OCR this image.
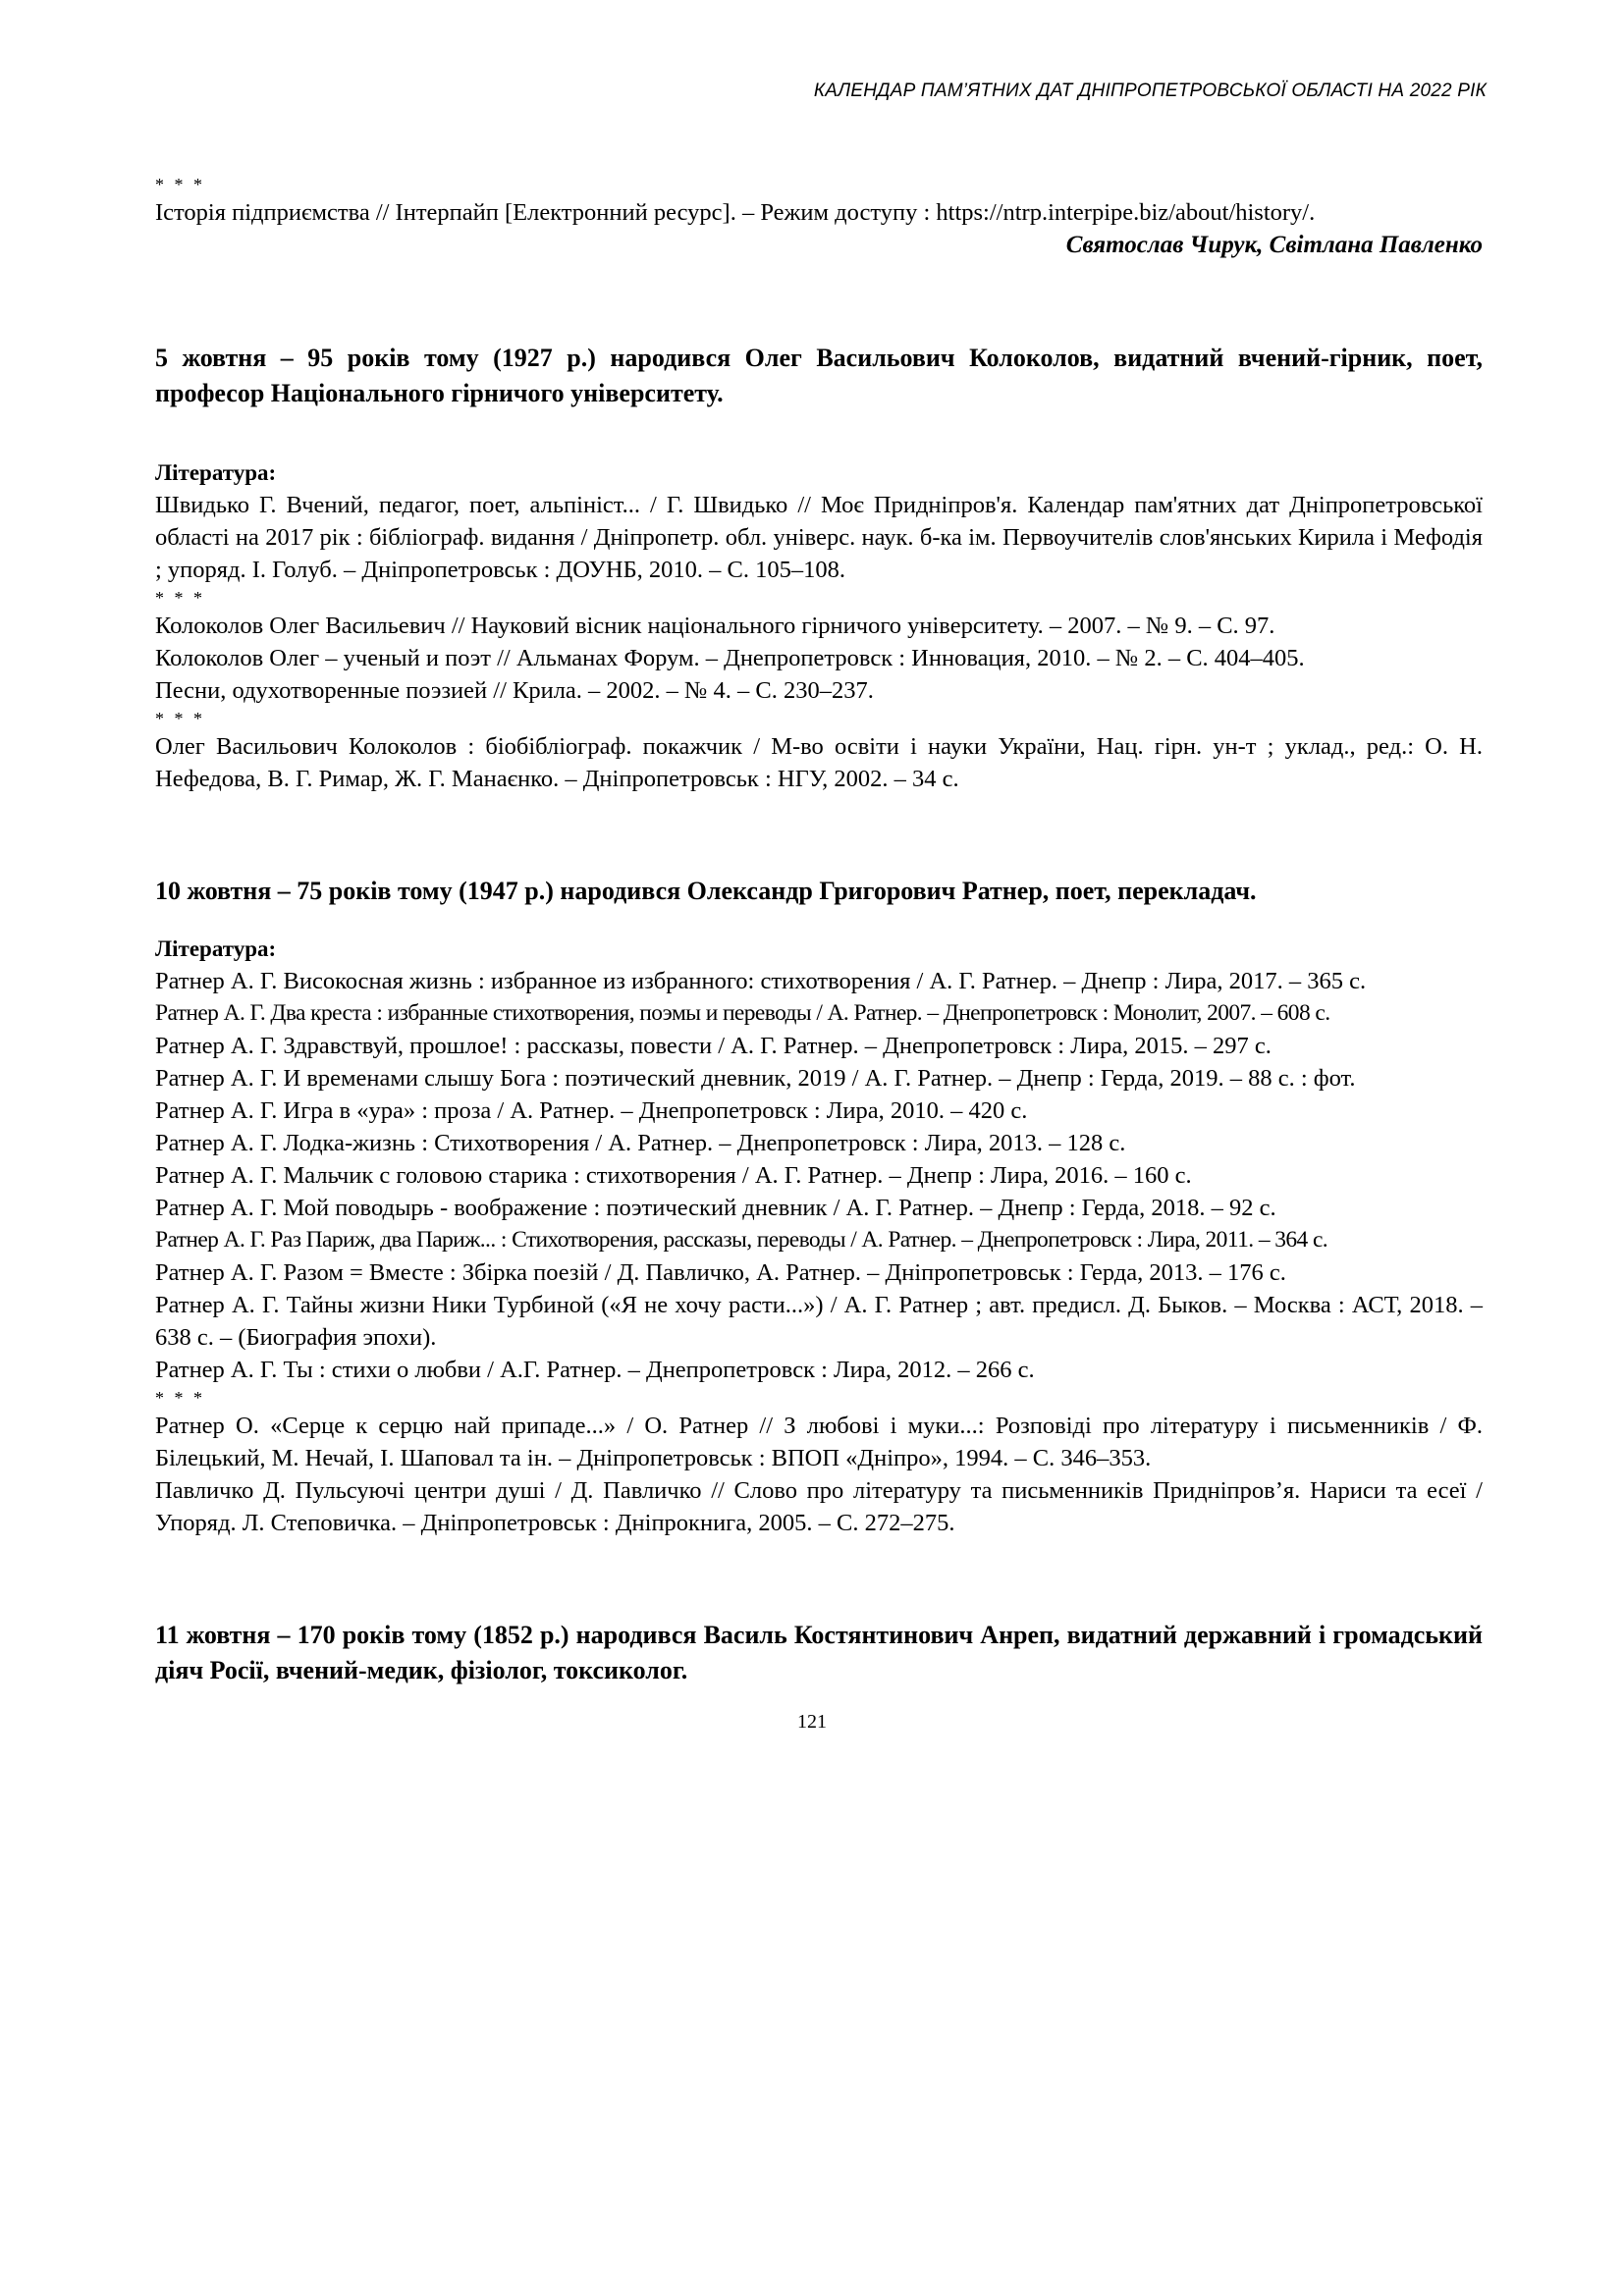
КАЛЕНДАР ПАМ’ЯТНИХ ДАТ ДНІПРОПЕТРОВСЬКОЇ ОБЛАСТІ НА 2022 РІК
* * *
Історія підприємства // Інтерпайп [Електронний ресурс]. – Режим доступу : https://ntrp.interpipe.biz/about/history/.
Святослав Чирук, Світлана Павленко
5 жовтня – 95 років тому (1927 р.) народився Олег Васильович Колоколов, видатний вчений-гірник, поет, професор Національного гірничого університету.
Література:
Швидько Г. Вчений, педагог, поет, альпініст... / Г. Швидько // Моє Придніпров'я. Календар пам'ятних дат Дніпропетровської області на 2017 рік : бібліограф. видання / Дніпропетр. обл. універс. наук. б-ка ім. Первоучителів слов'янських Кирила і Мефодія ; упоряд. І. Голуб. – Дніпропетровськ : ДОУНБ, 2010. – С. 105–108.
* * *
Колоколов Олег Васильевич // Науковий вісник національного гірничого університету. – 2007. – № 9. – С. 97.
Колоколов Олег – ученый и поэт // Альманах Форум. – Днепропетровск : Инновация, 2010. – № 2. – С. 404–405.
Песни, одухотворенные поэзией // Крила. – 2002. – № 4. – С. 230–237.
* * *
Олег Васильович Колоколов : біобібліограф. покажчик / М-во освіти і науки України, Нац. гірн. ун-т ; уклад., ред.: О. Н. Нефедова, В. Г. Римар, Ж. Г. Манаєнко. – Дніпропетровськ : НГУ, 2002. – 34 с.
10 жовтня – 75 років тому (1947 р.) народився Олександр Григорович Ратнер, поет, перекладач.
Література:
Ратнер А. Г. Високосная жизнь : избранное из избранного: стихотворения / А. Г. Ратнер. – Днепр : Лира, 2017. – 365 с.
Ратнер А. Г. Два креста : избранные стихотворения, поэмы и переводы / А. Ратнер. – Днепропетровск : Монолит, 2007. – 608 с.
Ратнер А. Г. Здравствуй, прошлое! : рассказы, повести / А. Г. Ратнер. – Днепропетровск : Лира, 2015. – 297 с.
Ратнер А. Г. И временами слышу Бога : поэтический дневник, 2019 / А. Г. Ратнер. – Днепр : Герда, 2019. – 88 с. : фот.
Ратнер А. Г. Игра в «ура» : проза / А. Ратнер. – Днепропетровск : Лира, 2010. – 420 с.
Ратнер А. Г. Лодка-жизнь : Стихотворения / А. Ратнер. – Днепропетровск : Лира, 2013. – 128 с.
Ратнер А. Г. Мальчик с головою старика : стихотворения / А. Г. Ратнер. – Днепр : Лира, 2016. – 160 с.
Ратнер А. Г. Мой поводырь - воображение : поэтический дневник / А. Г. Ратнер. – Днепр : Герда, 2018. – 92 с.
Ратнер А. Г. Раз Париж, два Париж... : Стихотворения, рассказы, переводы / А. Ратнер. – Днепропетровск : Лира, 2011. – 364 с.
Ратнер А. Г. Разом = Вместе : Збірка поезій / Д. Павличко, А. Ратнер. – Дніпропетровськ : Герда, 2013. – 176 с.
Ратнер А. Г. Тайны жизни Ники Турбиной («Я не хочу расти...») / А. Г. Ратнер ; авт. предисл. Д. Быков. – Москва : АСТ, 2018. – 638 с. – (Биография эпохи).
Ратнер А. Г. Ты : стихи о любви / А.Г. Ратнер. – Днепропетровск : Лира, 2012. – 266 с.
* * *
Ратнер О. «Серце к серцю най припаде...» / О. Ратнер // З любові і муки...: Розповіді про літературу і письменників / Ф. Білецький, М. Нечай, І. Шаповал та ін. – Дніпропетровськ : ВПОП «Дніпро», 1994. – С. 346–353.
Павличко Д. Пульсуючі центри душі / Д. Павличко // Слово про літературу та письменників Придніпров’я. Нариси та есеї / Упоряд. Л. Степовичка. – Дніпропетровськ : Дніпрокнига, 2005. – С. 272–275.
11 жовтня – 170 років тому (1852 р.) народився Василь Костянтинович Анреп, видатний державний і громадський діяч Росії, вчений-медик, фізіолог, токсиколог.
121
